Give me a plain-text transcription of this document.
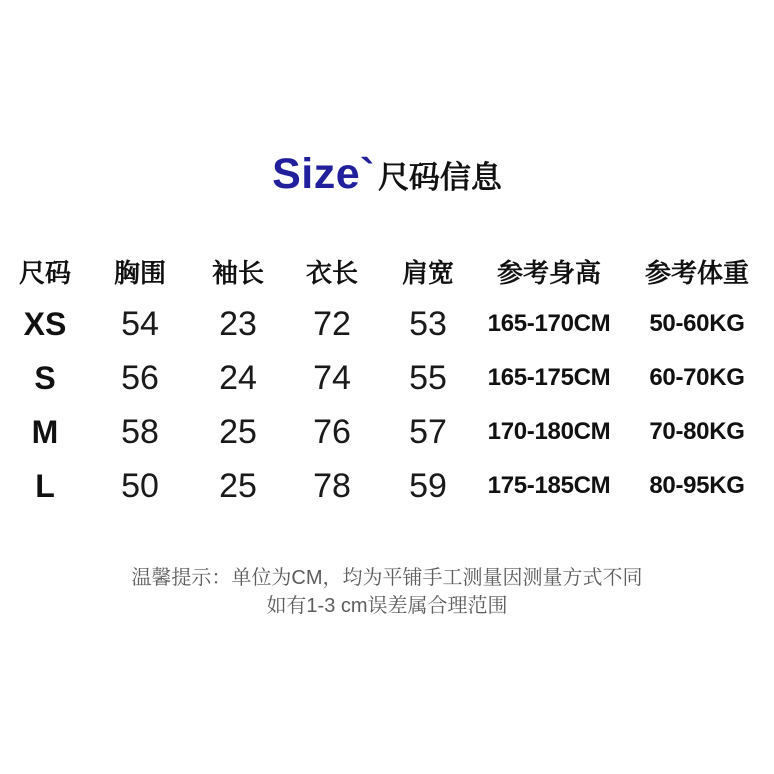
Size` 尺码信息
尺码	胸围	袖长	衣长	肩宽	参考身高	参考体重
XS	54	23	72	53	165-170CM	50-60KG
S	56	24	74	55	165-175CM	60-70KG
M	58	25	76	57	170-180CM	70-80KG
L	50	25	78	59	175-185CM	80-95KG
温馨提示：单位为CM，均为平铺手工测量因测量方式不同
如有1-3 cm误差属合理范围
